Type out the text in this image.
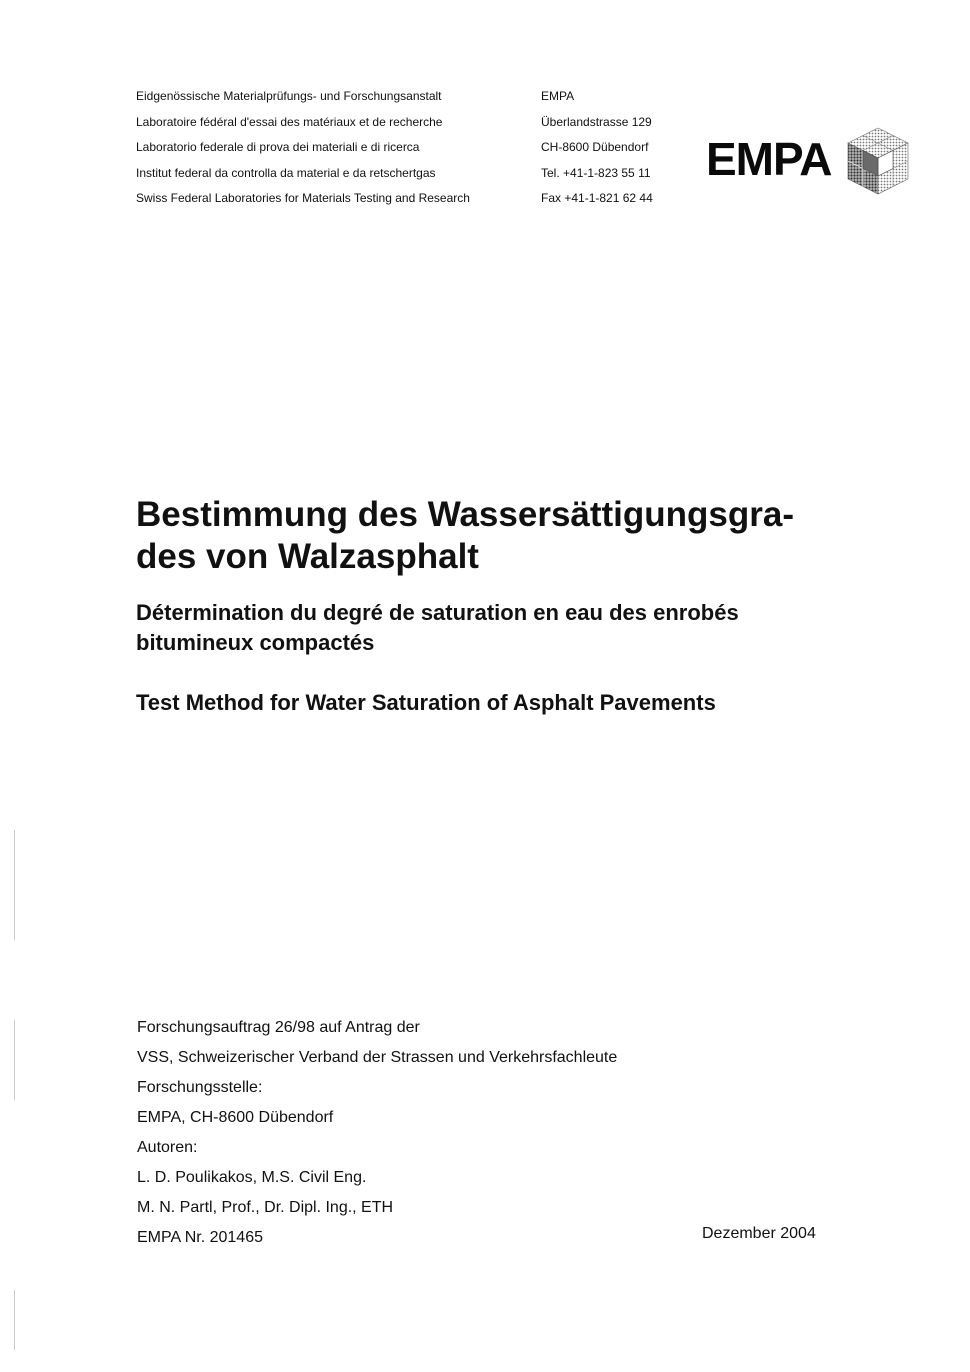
Eidgenössische Materialprüfungs- und Forschungsanstalt
Laboratoire fédéral d'essai des matériaux et de recherche
Laboratorio federale di prova dei materiali e di ricerca
Institut federal da controlla da material e da retschertgas
Swiss Federal Laboratories for Materials Testing and Research
EMPA
Überlandstrasse 129
CH-8600 Dübendorf
Tel. +41-1-823 55 11
Fax +41-1-821 62 44
EMPA
Bestimmung des Wassersättigungsgra-
des von Walzasphalt
Détermination du degré de saturation en eau des enrobés
bitumineux compactés
Test Method for Water Saturation of Asphalt Pavements
Forschungsauftrag 26/98 auf Antrag der
VSS, Schweizerischer Verband der Strassen und Verkehrsfachleute
Forschungsstelle:
EMPA, CH-8600 Dübendorf
Autoren:
L. D. Poulikakos, M.S. Civil Eng.
M. N. Partl, Prof., Dr. Dipl. Ing., ETH
EMPA Nr. 201465	Dezember 2004
